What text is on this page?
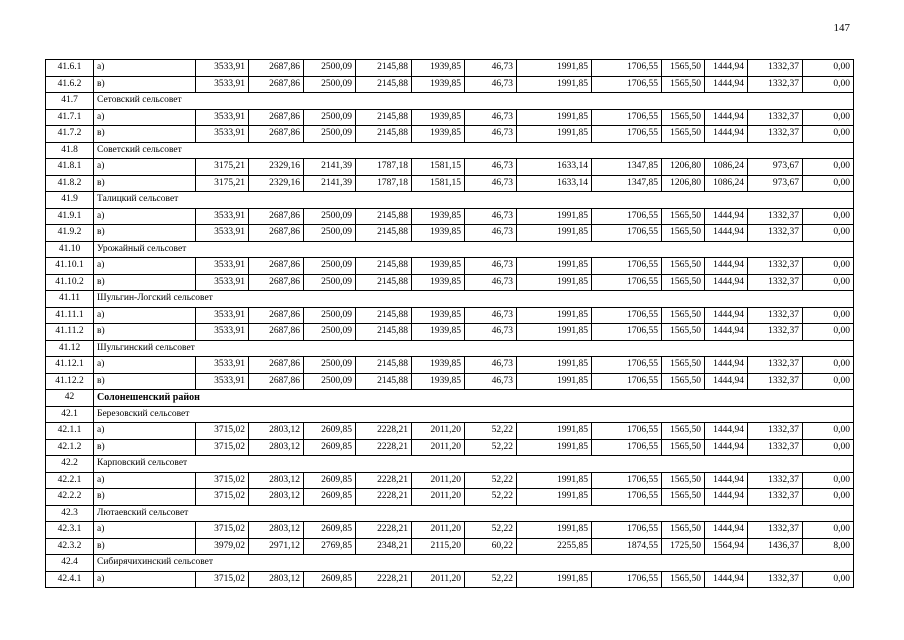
147
41.6.1	а)	3533,91	2687,86	2500,09	2145,88	1939,85	46,73	1991,85	1706,55	1565,50	1444,94	1332,37	0,00
41.6.2	в)	3533,91	2687,86	2500,09	2145,88	1939,85	46,73	1991,85	1706,55	1565,50	1444,94	1332,37	0,00
41.7	Сетовский сельсовет												
41.7.1	а)	3533,91	2687,86	2500,09	2145,88	1939,85	46,73	1991,85	1706,55	1565,50	1444,94	1332,37	0,00
41.7.2	в)	3533,91	2687,86	2500,09	2145,88	1939,85	46,73	1991,85	1706,55	1565,50	1444,94	1332,37	0,00
41.8	Советский сельсовет												
41.8.1	а)	3175,21	2329,16	2141,39	1787,18	1581,15	46,73	1633,14	1347,85	1206,80	1086,24	973,67	0,00
41.8.2	в)	3175,21	2329,16	2141,39	1787,18	1581,15	46,73	1633,14	1347,85	1206,80	1086,24	973,67	0,00
41.9	Талицкий сельсовет												
41.9.1	а)	3533,91	2687,86	2500,09	2145,88	1939,85	46,73	1991,85	1706,55	1565,50	1444,94	1332,37	0,00
41.9.2	в)	3533,91	2687,86	2500,09	2145,88	1939,85	46,73	1991,85	1706,55	1565,50	1444,94	1332,37	0,00
41.10	Урожайный сельсовет												
41.10.1	а)	3533,91	2687,86	2500,09	2145,88	1939,85	46,73	1991,85	1706,55	1565,50	1444,94	1332,37	0,00
41.10.2	в)	3533,91	2687,86	2500,09	2145,88	1939,85	46,73	1991,85	1706,55	1565,50	1444,94	1332,37	0,00
41.11	Шульгин-Логский сельсовет												
41.11.1	а)	3533,91	2687,86	2500,09	2145,88	1939,85	46,73	1991,85	1706,55	1565,50	1444,94	1332,37	0,00
41.11.2	в)	3533,91	2687,86	2500,09	2145,88	1939,85	46,73	1991,85	1706,55	1565,50	1444,94	1332,37	0,00
41.12	Шульгинский сельсовет												
41.12.1	а)	3533,91	2687,86	2500,09	2145,88	1939,85	46,73	1991,85	1706,55	1565,50	1444,94	1332,37	0,00
41.12.2	в)	3533,91	2687,86	2500,09	2145,88	1939,85	46,73	1991,85	1706,55	1565,50	1444,94	1332,37	0,00
42	Солонешенский район												
42.1	Березовский сельсовет												
42.1.1	а)	3715,02	2803,12	2609,85	2228,21	2011,20	52,22	1991,85	1706,55	1565,50	1444,94	1332,37	0,00
42.1.2	в)	3715,02	2803,12	2609,85	2228,21	2011,20	52,22	1991,85	1706,55	1565,50	1444,94	1332,37	0,00
42.2	Карповский сельсовет												
42.2.1	а)	3715,02	2803,12	2609,85	2228,21	2011,20	52,22	1991,85	1706,55	1565,50	1444,94	1332,37	0,00
42.2.2	в)	3715,02	2803,12	2609,85	2228,21	2011,20	52,22	1991,85	1706,55	1565,50	1444,94	1332,37	0,00
42.3	Лютаевский сельсовет												
42.3.1	а)	3715,02	2803,12	2609,85	2228,21	2011,20	52,22	1991,85	1706,55	1565,50	1444,94	1332,37	0,00
42.3.2	в)	3979,02	2971,12	2769,85	2348,21	2115,20	60,22	2255,85	1874,55	1725,50	1564,94	1436,37	8,00
42.4	Сибирячихинский сельсовет												
42.4.1	а)	3715,02	2803,12	2609,85	2228,21	2011,20	52,22	1991,85	1706,55	1565,50	1444,94	1332,37	0,00
